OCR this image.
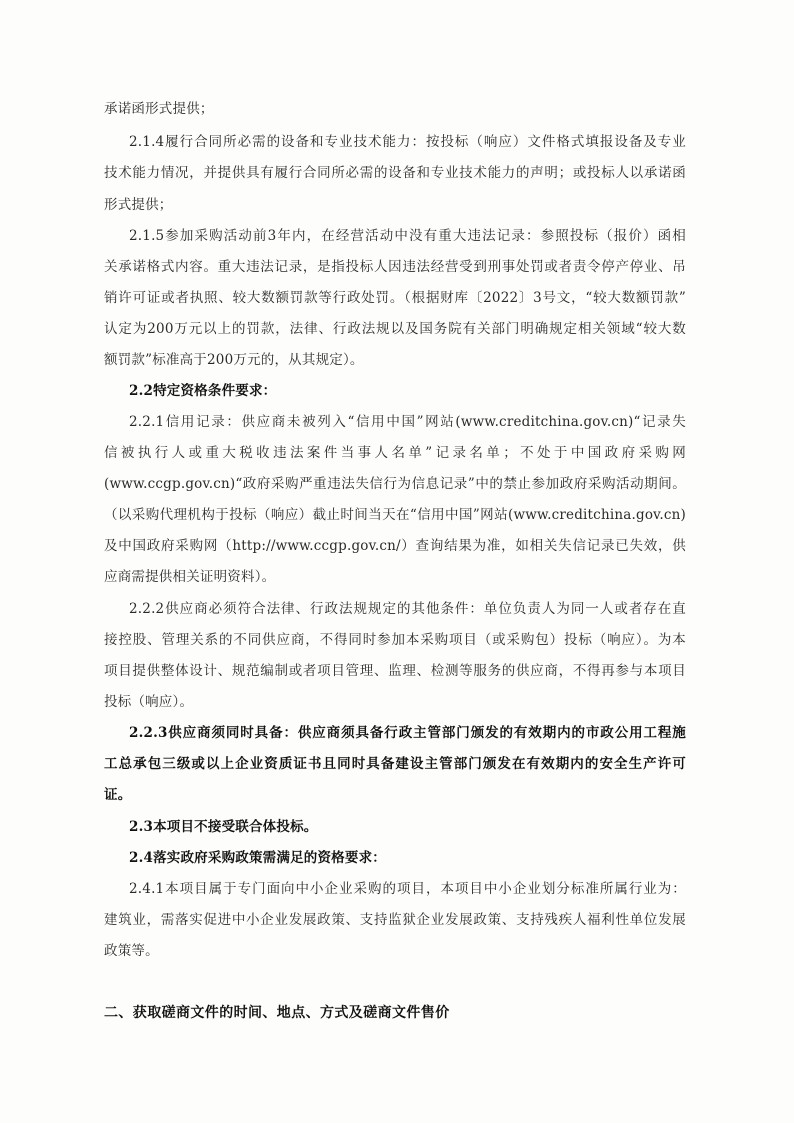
承诺函形式提供；
2.1.4履行合同所必需的设备和专业技术能力：按投标（响应）文件格式填报设备及专业
技术能力情况，并提供具有履行合同所必需的设备和专业技术能力的声明；或投标人以承诺函
形式提供；
2.1.5参加采购活动前3年内，在经营活动中没有重大违法记录：参照投标（报价）函相
关承诺格式内容。重大违法记录，是指投标人因违法经营受到刑事处罚或者责令停产停业、吊
销许可证或者执照、较大数额罚款等行政处罚。（根据财库〔2022〕3号文，“较大数额罚款”
认定为200万元以上的罚款，法律、行政法规以及国务院有关部门明确规定相关领域“较大数
额罚款”标准高于200万元的，从其规定）。
2.2特定资格条件要求：
2.2.1信用记录：供应商未被列入“信用中国”网站(www.creditchina.gov.cn)“记录失
信被执行人或重大税收违法案件当事人名单”记录名单；不处于中国政府采购网
(www.ccgp.gov.cn)“政府采购严重违法失信行为信息记录”中的禁止参加政府采购活动期间。
（以采购代理机构于投标（响应）截止时间当天在“信用中国”网站(www.creditchina.gov.cn)
及中国政府采购网（http://www.ccgp.gov.cn/）查询结果为准，如相关失信记录已失效，供
应商需提供相关证明资料）。
2.2.2供应商必须符合法律、行政法规规定的其他条件：单位负责人为同一人或者存在直
接控股、管理关系的不同供应商，不得同时参加本采购项目（或采购包）投标（响应）。为本
项目提供整体设计、规范编制或者项目管理、监理、检测等服务的供应商，不得再参与本项目
投标（响应）。
2.2.3供应商须同时具备：供应商须具备行政主管部门颁发的有效期内的市政公用工程施
工总承包三级或以上企业资质证书且同时具备建设主管部门颁发在有效期内的安全生产许可
证。
2.3本项目不接受联合体投标。
2.4落实政府采购政策需满足的资格要求：
2.4.1本项目属于专门面向中小企业采购的项目，本项目中小企业划分标准所属行业为：
建筑业，需落实促进中小企业发展政策、支持监狱企业发展政策、支持残疾人福利性单位发展
政策等。
二、获取磋商文件的时间、地点、方式及磋商文件售价
